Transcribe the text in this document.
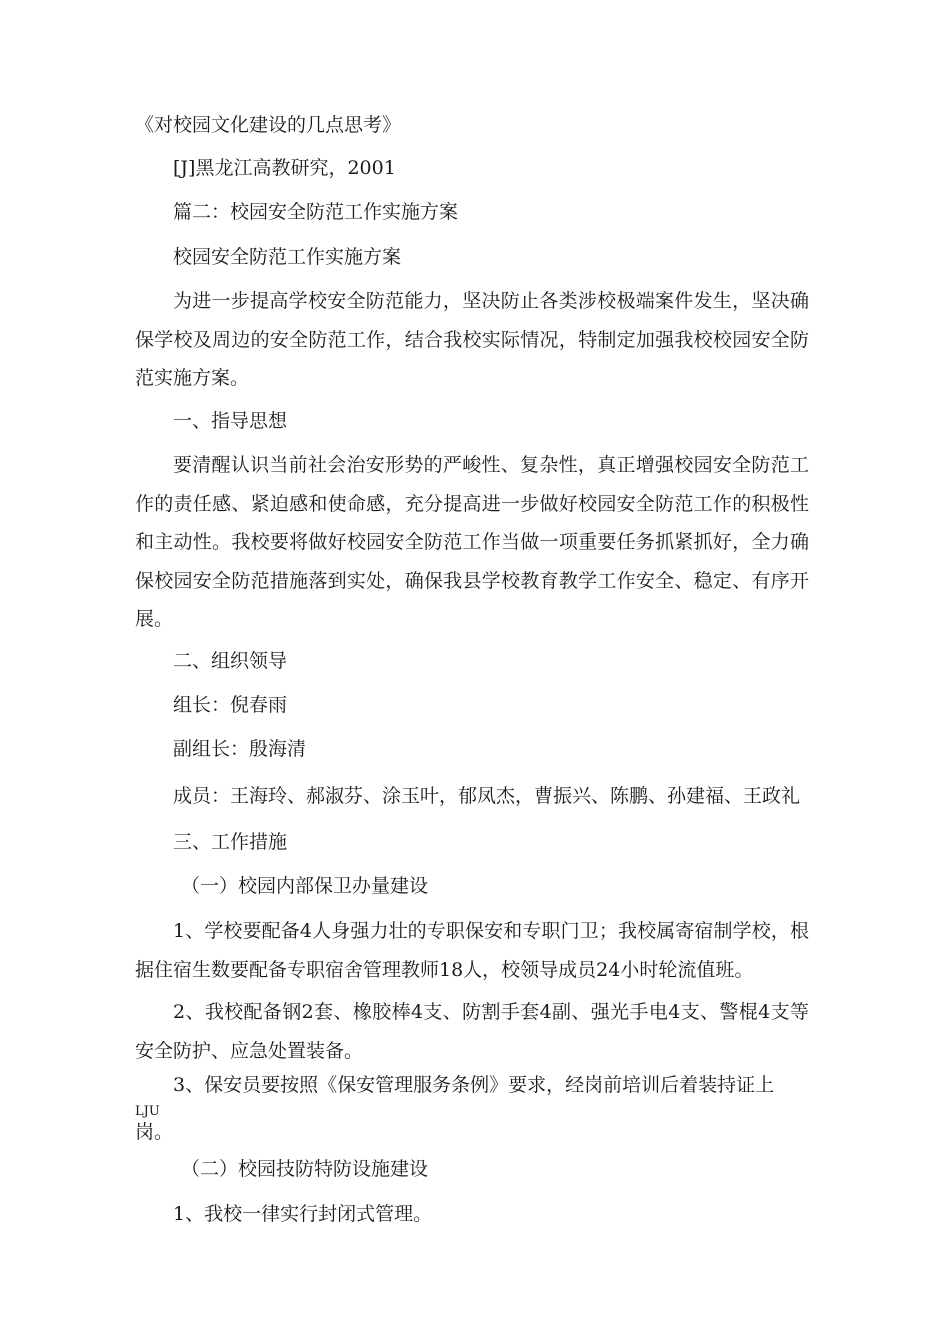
《对校园文化建设的几点思考》
[J]黑龙江高教研究，2001
篇二：校园安全防范工作实施方案
校园安全防范工作实施方案

为进一步提高学校安全防范能力，坚决防止各类涉校极端案件发生，坚决确保学校及周边的安全防范工作，结合我校实际情况，特制定加强我校校园安全防范实施方案。

一、指导思想

要清醒认识当前社会治安形势的严峻性、复杂性，真正增强校园安全防范工作的责任感、紧迫感和使命感，充分提高进一步做好校园安全防范工作的积极性和主动性。我校要将做好校园安全防范工作当做一项重要任务抓紧抓好，全力确保校园安全防范措施落到实处，确保我县学校教育教学工作安全、稳定、有序开展。

二、组织领导
组长：倪春雨
副组长：殷海清
成员：王海玲、郝淑芬、涂玉叶，郁凤杰，曹振兴、陈鹏、孙建福、王政礼
三、工作措施
（一）校园内部保卫办量建设

1、学校要配备4人身强力壮的专职保安和专职门卫；我校属寄宿制学校，根据住宿生数要配备专职宿舍管理教师18人，校领导成员24小时轮流值班。

2、我校配备钢2套、橡胶棒4支、防割手套4副、强光手电4支、警棍4支等安全防护、应急处置装备。

3、保安员要按照《保安管理服务条例》要求，经岗前培训后着装持证上
LJU
岗。
（二）校园技防特防设施建设
1、我校一律实行封闭式管理。
